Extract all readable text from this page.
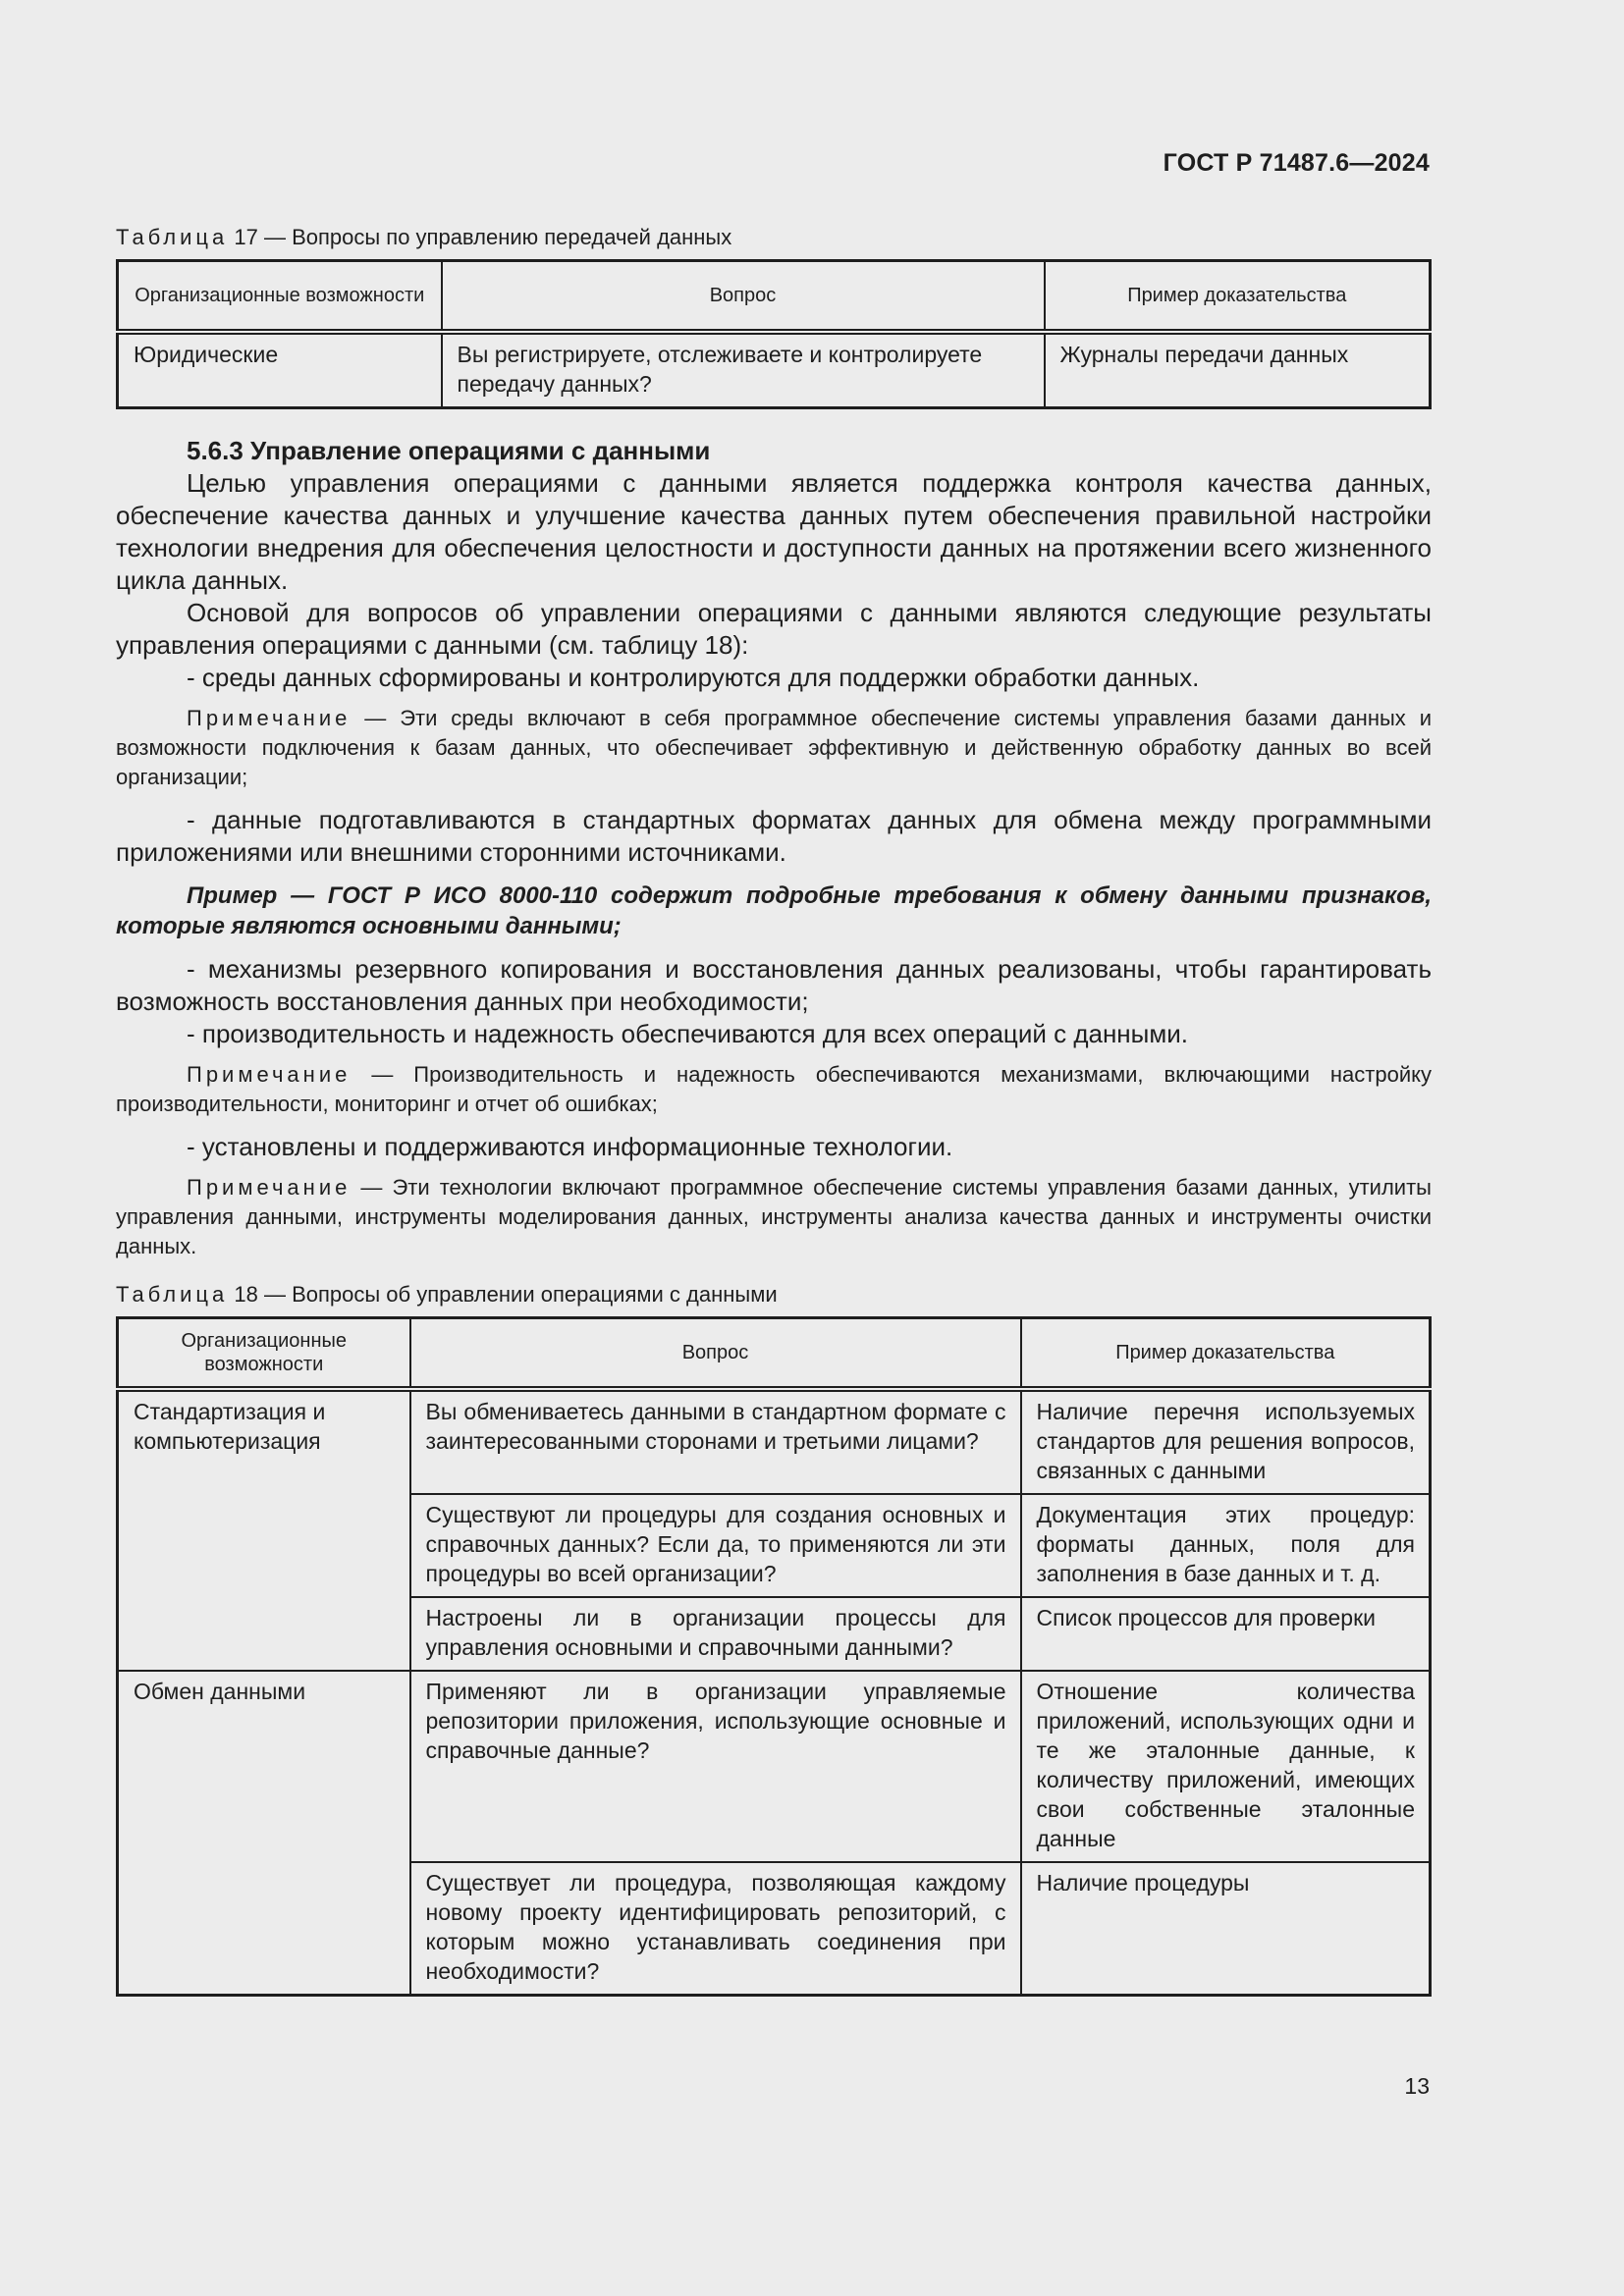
ГОСТ Р 71487.6—2024

Таблица 17 — Вопросы по управлению передачей данных

Организационные возможности	Вопрос	Пример доказательства
Юридические	Вы регистрируете, отслеживаете и контролируете передачу данных?	Журналы передачи данных

5.6.3 Управление операциями с данными

Целью управления операциями с данными является поддержка контроля качества данных, обеспечение качества данных и улучшение качества данных путем обеспечения правильной настройки технологии внедрения для обеспечения целостности и доступности данных на протяжении всего жизненного цикла данных.

Основой для вопросов об управлении операциями с данными являются следующие результаты управления операциями с данными (см. таблицу 18):

- среды данных сформированы и контролируются для поддержки обработки данных.

Примечание — Эти среды включают в себя программное обеспечение системы управления базами данных и возможности подключения к базам данных, что обеспечивает эффективную и действенную обработку данных во всей организации;

- данные подготавливаются в стандартных форматах данных для обмена между программными приложениями или внешними сторонними источниками.

Пример — ГОСТ Р ИСО 8000-110 содержит подробные требования к обмену данными признаков, которые являются основными данными;

- механизмы резервного копирования и восстановления данных реализованы, чтобы гарантировать возможность восстановления данных при необходимости;

- производительность и надежность обеспечиваются для всех операций с данными.

Примечание — Производительность и надежность обеспечиваются механизмами, включающими настройку производительности, мониторинг и отчет об ошибках;

- установлены и поддерживаются информационные технологии.

Примечание — Эти технологии включают программное обеспечение системы управления базами данных, утилиты управления данными, инструменты моделирования данных, инструменты анализа качества данных и инструменты очистки данных.

Таблица 18 — Вопросы об управлении операциями с данными

Организационные возможности	Вопрос	Пример доказательства
Стандартизация и компьютеризация	Вы обмениваетесь данными в стандартном формате с заинтересованными сторонами и третьими лицами?	Наличие перечня используемых стандартов для решения вопросов, связанных с данными
	Существуют ли процедуры для создания основных и справочных данных? Если да, то применяются ли эти процедуры во всей организации?	Документация этих процедур: форматы данных, поля для заполнения в базе данных и т. д.
	Настроены ли в организации процессы для управления основными и справочными данными?	Список процессов для проверки
Обмен данными	Применяют ли в организации управляемые репозитории приложения, использующие основные и справочные данные?	Отношение количества приложений, использующих одни и те же эталонные данные, к количеству приложений, имеющих свои собственные эталонные данные
	Существует ли процедура, позволяющая каждому новому проекту идентифицировать репозиторий, с которым можно устанавливать соединения при необходимости?	Наличие процедуры
13
